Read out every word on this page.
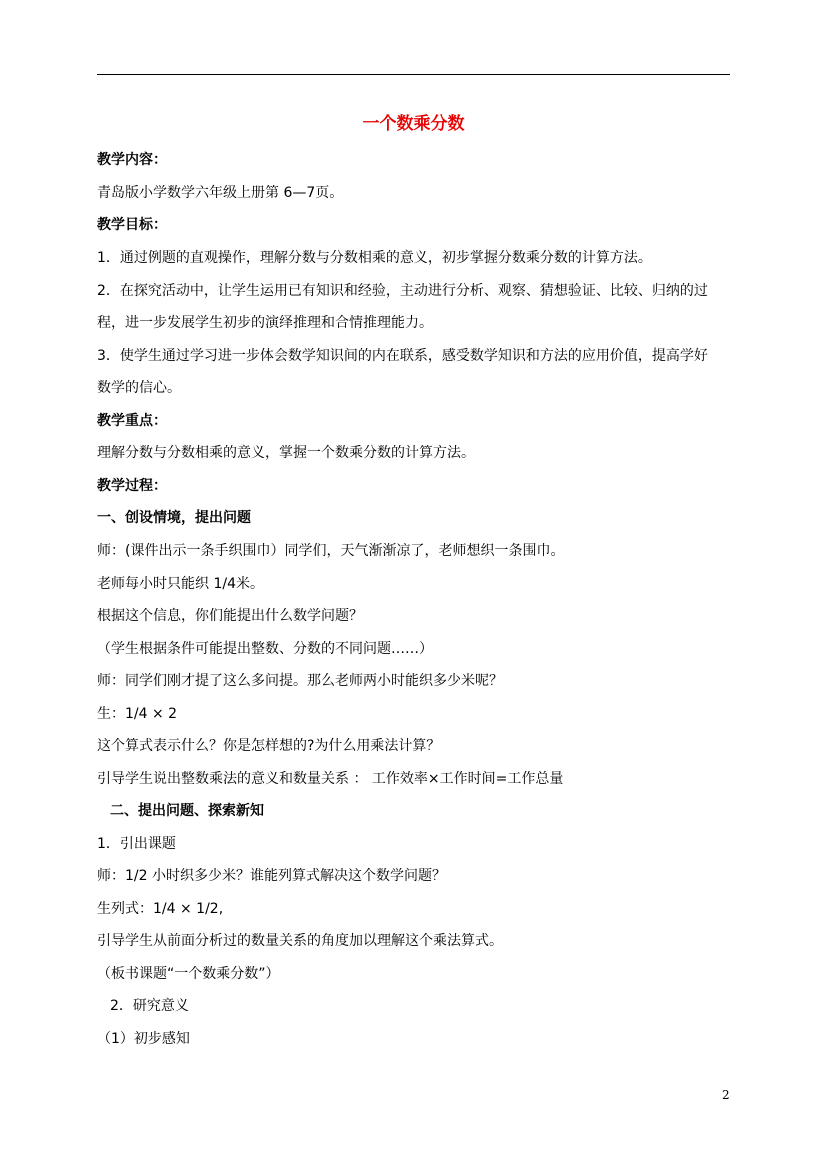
一个数乘分数
教学内容：
青岛版小学数学六年级上册第 6—7页。
教学目标：
1．通过例题的直观操作，理解分数与分数相乘的意义，初步掌握分数乘分数的计算方法。
2．在探究活动中，让学生运用已有知识和经验，主动进行分析、观察、猜想验证、比较、归纳的过
程，进一步发展学生初步的演绎推理和合情推理能力。
3．使学生通过学习进一步体会数学知识间的内在联系，感受数学知识和方法的应用价值，提高学好
数学的信心。
教学重点：
理解分数与分数相乘的意义，掌握一个数乘分数的计算方法。
教学过程：
一、创设情境，提出问题
师：(课件出示一条手织围巾）同学们，天气渐渐凉了，老师想织一条围巾。
老师每小时只能织 1/4米。
根据这个信息，你们能提出什么数学问题？
（学生根据条件可能提出整数、分数的不同问题……）
师：同学们刚才提了这么多问提。那么老师两小时能织多少米呢？
生：1/4 × 2
这个算式表示什么？你是怎样想的?为什么用乘法计算？
引导学生说出整数乘法的意义和数量关系 ： 工作效率×工作时间=工作总量
二、提出问题、探索新知
1．引出课题
师：1/2 小时织多少米？谁能列算式解决这个数学问题？
生列式：1/4 × 1/2,
引导学生从前面分析过的数量关系的角度加以理解这个乘法算式。
（板书课题“一个数乘分数”）
2．研究意义
（1）初步感知
2
